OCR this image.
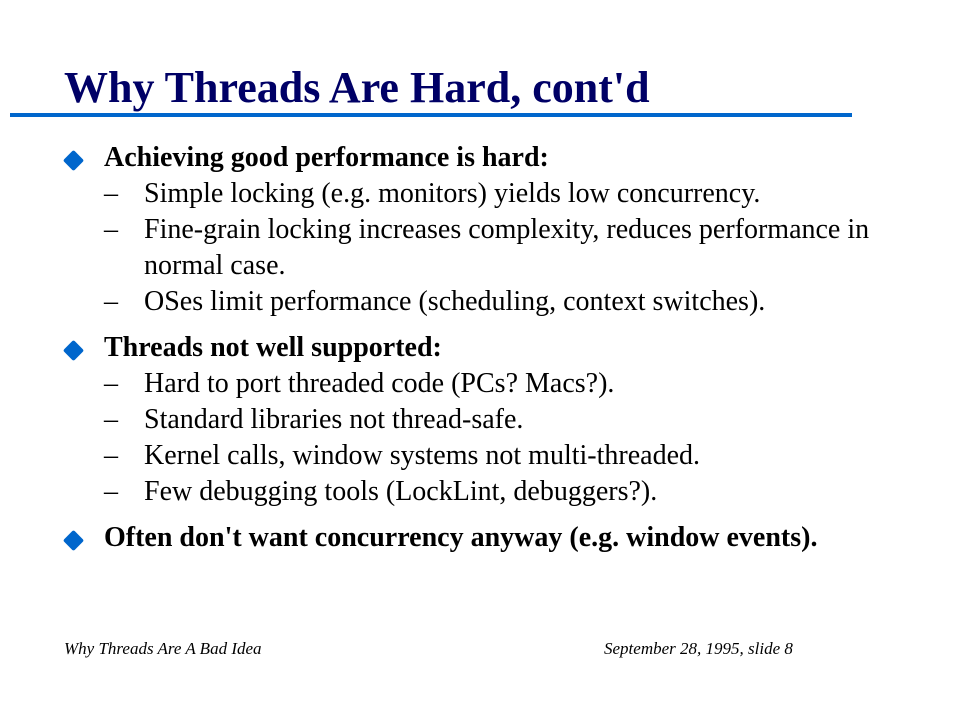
Why Threads Are Hard, cont'd
Achieving good performance is hard:
– Simple locking (e.g. monitors) yields low concurrency.
– Fine-grain locking increases complexity, reduces performance in normal case.
– OSes limit performance (scheduling, context switches).
Threads not well supported:
– Hard to port threaded code (PCs? Macs?).
– Standard libraries not thread-safe.
– Kernel calls, window systems not multi-threaded.
– Few debugging tools (LockLint, debuggers?).
Often don't want concurrency anyway (e.g. window events).
Why Threads Are A Bad Idea	September 28, 1995, slide 8
